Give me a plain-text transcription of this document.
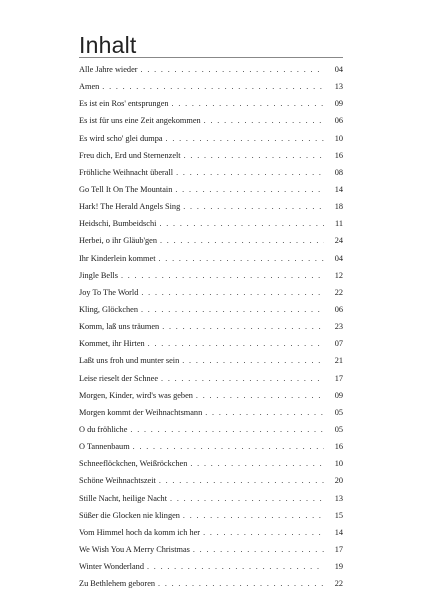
Inhalt
Alle Jahre wieder . . .	04
Amen . . .	13
Es ist ein Ros' entsprungen . . .	09
Es ist für uns eine Zeit angekommen . . .	06
Es wird scho' glei dumpa . . .	10
Freu dich, Erd und Sternenzelt . . .	16
Fröhliche Weihnacht überall . . .	08
Go Tell It On The Mountain . . .	14
Hark! The Herald Angels Sing . . .	18
Heidschi, Bumbeidschi . . .	11
Herbei, o ihr Gläub'gen . . .	24
Ihr Kinderlein kommet . . .	04
Jingle Bells . . .	12
Joy To The World . . .	22
Kling, Glöckchen . . .	06
Komm, laß uns träumen . . .	23
Kommet, ihr Hirten . . .	07
Laßt uns froh und munter sein . . .	21
Leise rieselt der Schnee . . .	17
Morgen, Kinder, wird's was geben . . .	09
Morgen kommt der Weihnachtsmann . . .	05
O du fröhliche . . .	05
O Tannenbaum . . .	16
Schneeflöckchen, Weißröckchen . . .	10
Schöne Weihnachtszeit . . .	20
Stille Nacht, heilige Nacht . . .	13
Süßer die Glocken nie klingen . . .	15
Vom Himmel hoch da komm ich her . . .	14
We Wish You A Merry Christmas . . .	17
Winter Wonderland . . .	19
Zu Bethlehem geboren . . .	22
